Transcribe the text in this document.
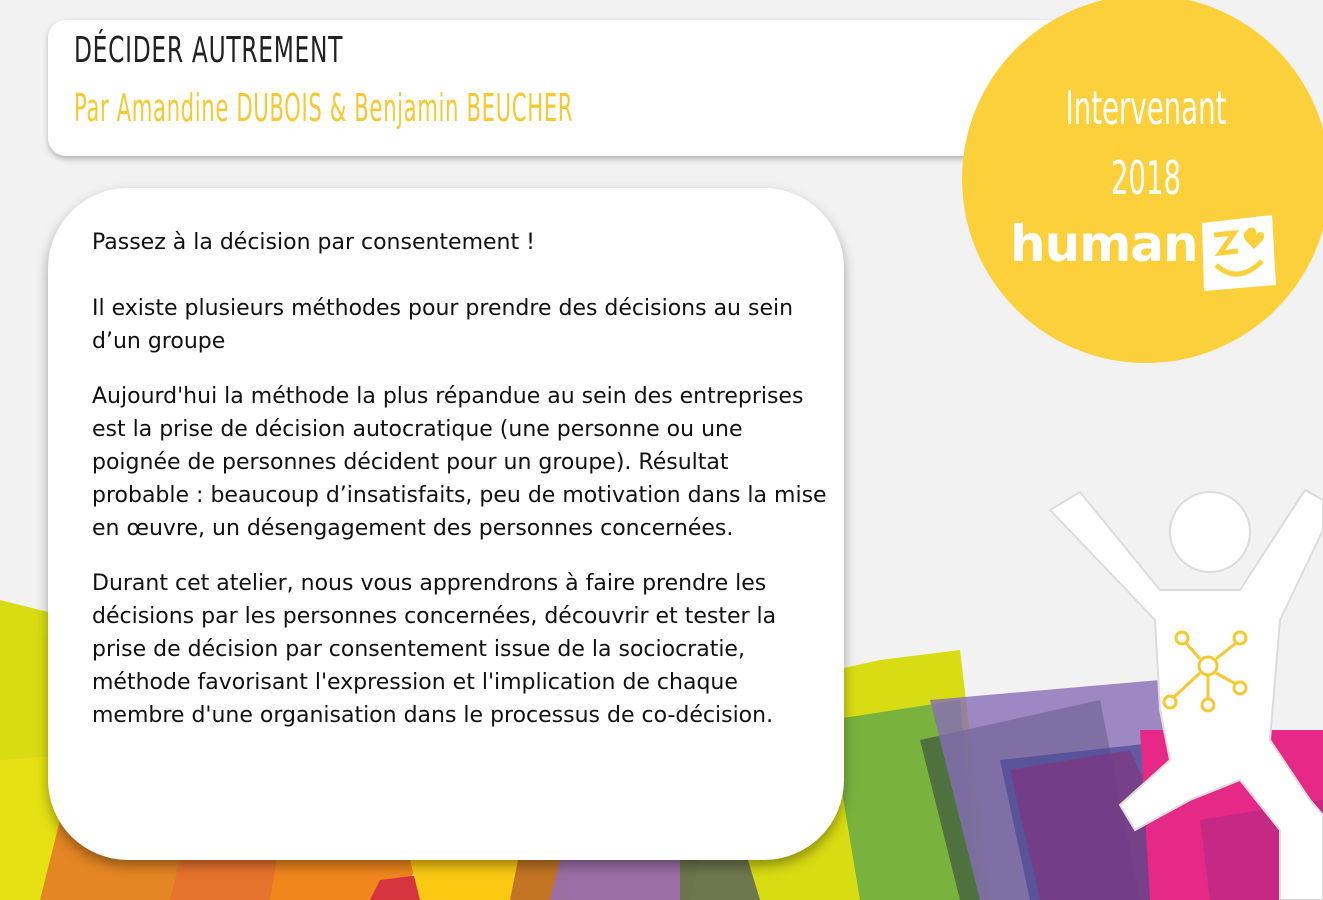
DÉCIDER AUTREMENT
Par Amandine DUBOIS & Benjamin BEUCHER	Intervenant
2018
human

Passez à la décision par consentement !

Il existe plusieurs méthodes pour prendre des décisions au sein d’un groupe

Aujourd'hui la méthode la plus répandue au sein des entreprises est la prise de décision autocratique (une personne ou une poignée de personnes décident pour un groupe). Résultat probable : beaucoup d’insatisfaits, peu de motivation dans la mise en œuvre, un désengagement des personnes concernées.

Durant cet atelier, nous vous apprendrons à faire prendre les décisions par les personnes concernées, découvrir et tester la prise de décision par consentement issue de la sociocratie, méthode favorisant l'expression et l'implication de chaque membre d'une organisation dans le processus de co-décision.
